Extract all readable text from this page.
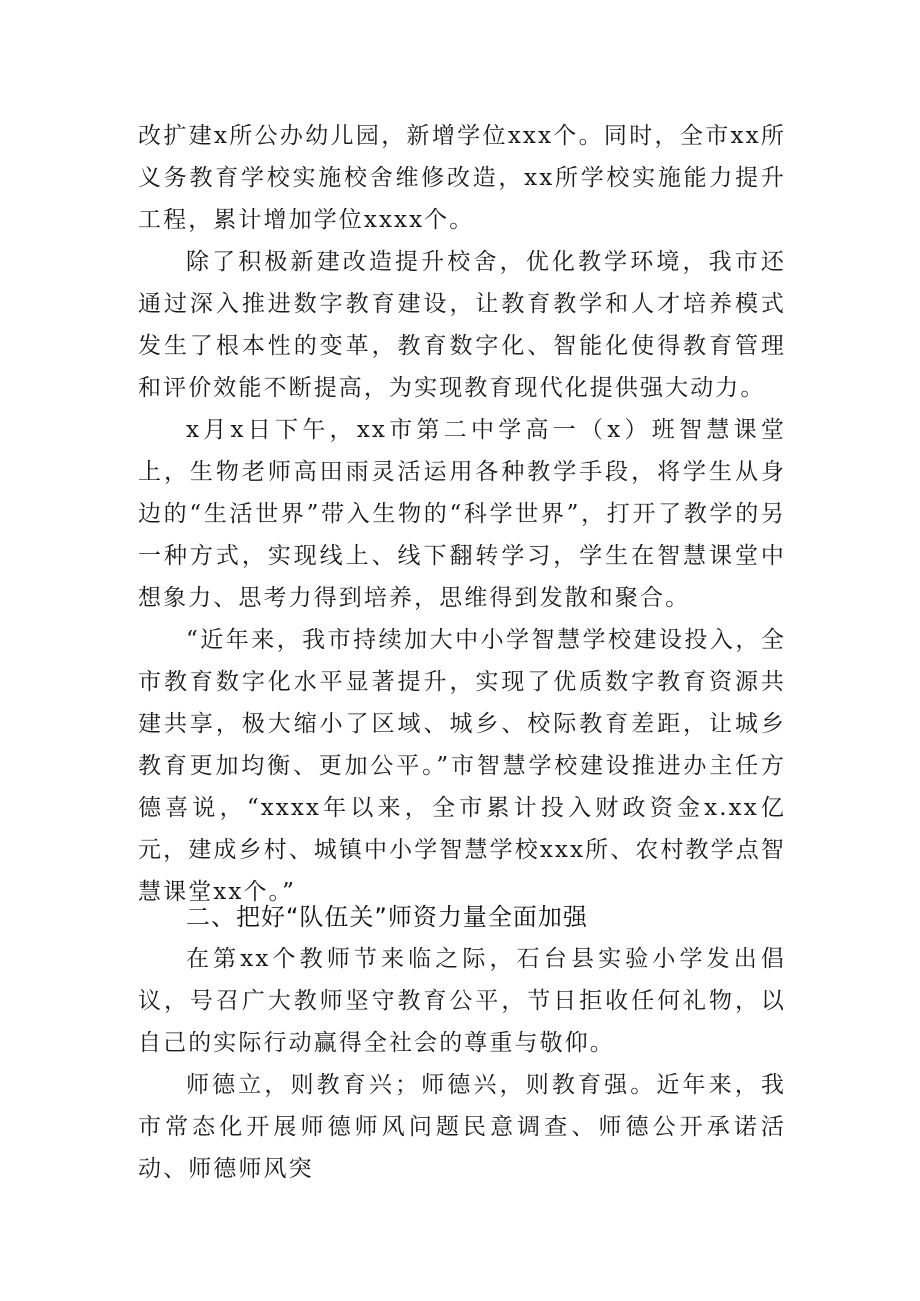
改扩建x所公办幼儿园，新增学位xxx个。同时，全市xx所义务教育学校实施校舍维修改造，xx所学校实施能力提升工程，累计增加学位xxxx个。

除了积极新建改造提升校舍，优化教学环境，我市还通过深入推进数字教育建设，让教育教学和人才培养模式发生了根本性的变革，教育数字化、智能化使得教育管理和评价效能不断提高，为实现教育现代化提供强大动力。

x月x日下午，xx市第二中学高一（x）班智慧课堂上，生物老师高田雨灵活运用各种教学手段，将学生从身边的“生活世界”带入生物的“科学世界”，打开了教学的另一种方式，实现线上、线下翻转学习，学生在智慧课堂中想象力、思考力得到培养，思维得到发散和聚合。

“近年来，我市持续加大中小学智慧学校建设投入，全市教育数字化水平显著提升，实现了优质数字教育资源共建共享，极大缩小了区域、城乡、校际教育差距，让城乡教育更加均衡、更加公平。”市智慧学校建设推进办主任方德喜说，“xxxx年以来，全市累计投入财政资金x.xx亿元，建成乡村、城镇中小学智慧学校xxx所、农村教学点智慧课堂xx个。”

二、把好“队伍关”师资力量全面加强

在第xx个教师节来临之际，石台县实验小学发出倡议，号召广大教师坚守教育公平，节日拒收任何礼物，以自己的实际行动赢得全社会的尊重与敬仰。

师德立，则教育兴；师德兴，则教育强。近年来，我市常态化开展师德师风问题民意调查、师德公开承诺活动、师德师风突
